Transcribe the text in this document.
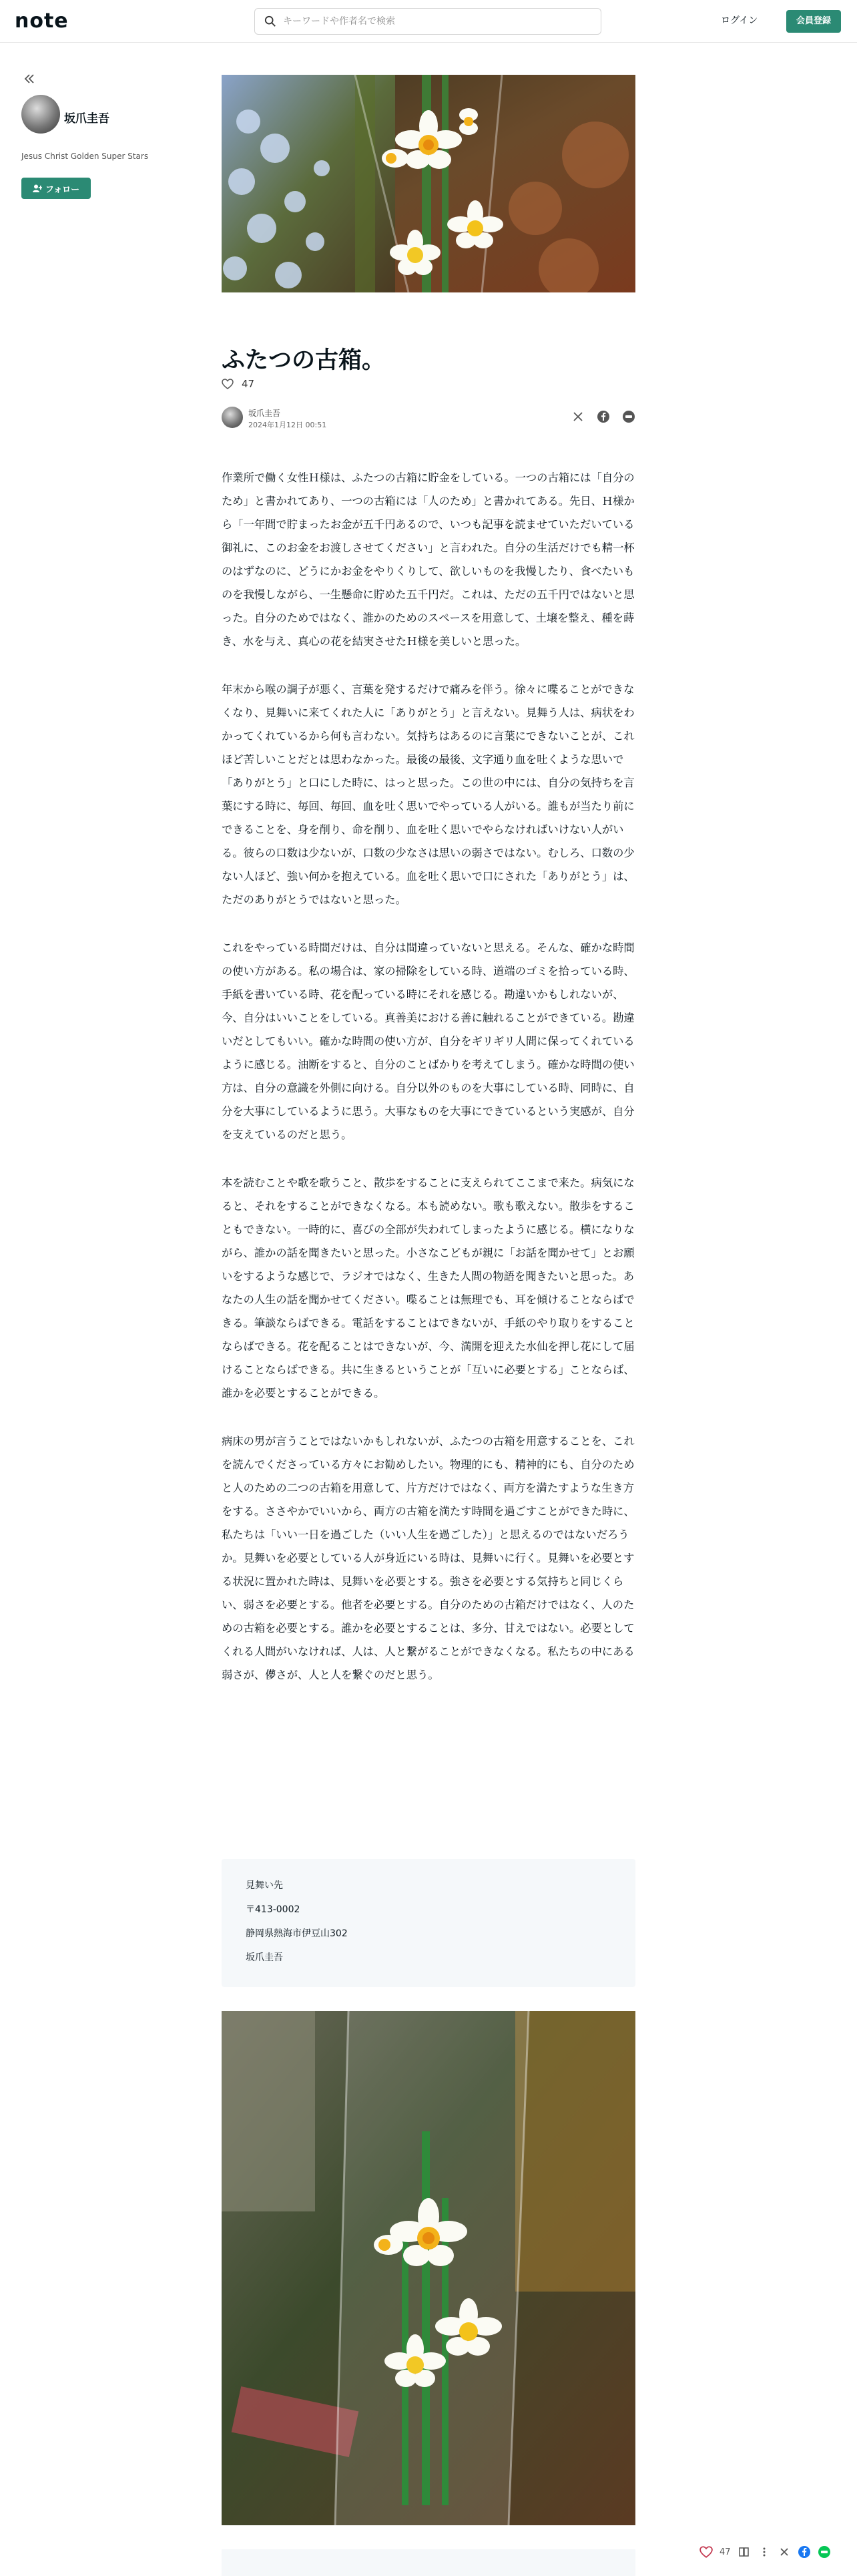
note
キーワードや作者名で検索	ログイン	会員登録
坂爪圭吾
Jesus Christ Golden Super Stars
フォロー
ふたつの古箱。
47
坂爪圭吾
2024年1月12日 00:51

作業所で働く女性Ｈ様は、ふたつの古箱に貯金をしている。一つの古箱には「自分のため」と書かれてあり、一つの古箱には「人のため」と書かれてある。先日、Ｈ様から「一年間で貯まったお金が五千円あるので、いつも記事を読ませていただいている御礼に、このお金をお渡しさせてください」と言われた。自分の生活だけでも精一杯のはずなのに、どうにかお金をやりくりして、欲しいものを我慢したり、食べたいものを我慢しながら、一生懸命に貯めた五千円だ。これは、ただの五千円ではないと思った。自分のためではなく、誰かのためのスペースを用意して、土壌を整え、種を蒔き、水を与え、真心の花を結実させたＨ様を美しいと思った。

年末から喉の調子が悪く、言葉を発するだけで痛みを伴う。徐々に喋ることができなくなり、見舞いに来てくれた人に「ありがとう」と言えない。見舞う人は、病状をわかってくれているから何も言わない。気持ちはあるのに言葉にできないことが、これほど苦しいことだとは思わなかった。最後の最後、文字通り血を吐くような思いで「ありがとう」と口にした時に、はっと思った。この世の中には、自分の気持ちを言葉にする時に、毎回、毎回、血を吐く思いでやっている人がいる。誰もが当たり前にできることを、身を削り、命を削り、血を吐く思いでやらなければいけない人がいる。彼らの口数は少ないが、口数の少なさは思いの弱さではない。むしろ、口数の少ない人ほど、強い何かを抱えている。血を吐く思いで口にされた「ありがとう」は、ただのありがとうではないと思った。

これをやっている時間だけは、自分は間違っていないと思える。そんな、確かな時間の使い方がある。私の場合は、家の掃除をしている時、道端のゴミを拾っている時、手紙を書いている時、花を配っている時にそれを感じる。勘違いかもしれないが、今、自分はいいことをしている。真善美における善に触れることができている。勘違いだとしてもいい。確かな時間の使い方が、自分をギリギリ人間に保ってくれているように感じる。油断をすると、自分のことばかりを考えてしまう。確かな時間の使い方は、自分の意識を外側に向ける。自分以外のものを大事にしている時、同時に、自分を大事にしているように思う。大事なものを大事にできているという実感が、自分を支えているのだと思う。

本を読むことや歌を歌うこと、散歩をすることに支えられてここまで来た。病気になると、それをすることができなくなる。本も読めない。歌も歌えない。散歩をすることもできない。一時的に、喜びの全部が失われてしまったように感じる。横になりながら、誰かの話を聞きたいと思った。小さなこどもが親に「お話を聞かせて」とお願いをするような感じで、ラジオではなく、生きた人間の物語を聞きたいと思った。あなたの人生の話を聞かせてください。喋ることは無理でも、耳を傾けることならばできる。筆談ならばできる。電話をすることはできないが、手紙のやり取りをすることならばできる。花を配ることはできないが、今、満開を迎えた水仙を押し花にして届けることならばできる。共に生きるということが「互いに必要とする」ことならば、誰かを必要とすることができる。

病床の男が言うことではないかもしれないが、ふたつの古箱を用意することを、これを読んでくださっている方々にお勧めしたい。物理的にも、精神的にも、自分のためと人のための二つの古箱を用意して、片方だけではなく、両方を満たすような生き方をする。ささやかでいいから、両方の古箱を満たす時間を過ごすことができた時に、私たちは「いい一日を過ごした（いい人生を過ごした）」と思えるのではないだろうか。見舞いを必要としている人が身近にいる時は、見舞いに行く。見舞いを必要とする状況に置かれた時は、見舞いを必要とする。強さを必要とする気持ちと同じくらい、弱さを必要とする。他者を必要とする。自分のための古箱だけではなく、人のための古箱を必要とする。誰かを必要とすることは、多分、甘えではない。必要としてくれる人間がいなければ、人は、人と繋がることができなくなる。私たちの中にある弱さが、儚さが、人と人を繋ぐのだと思う。

見舞い先
〒413-0002
静岡県熱海市伊豆山302
坂爪圭吾
47
